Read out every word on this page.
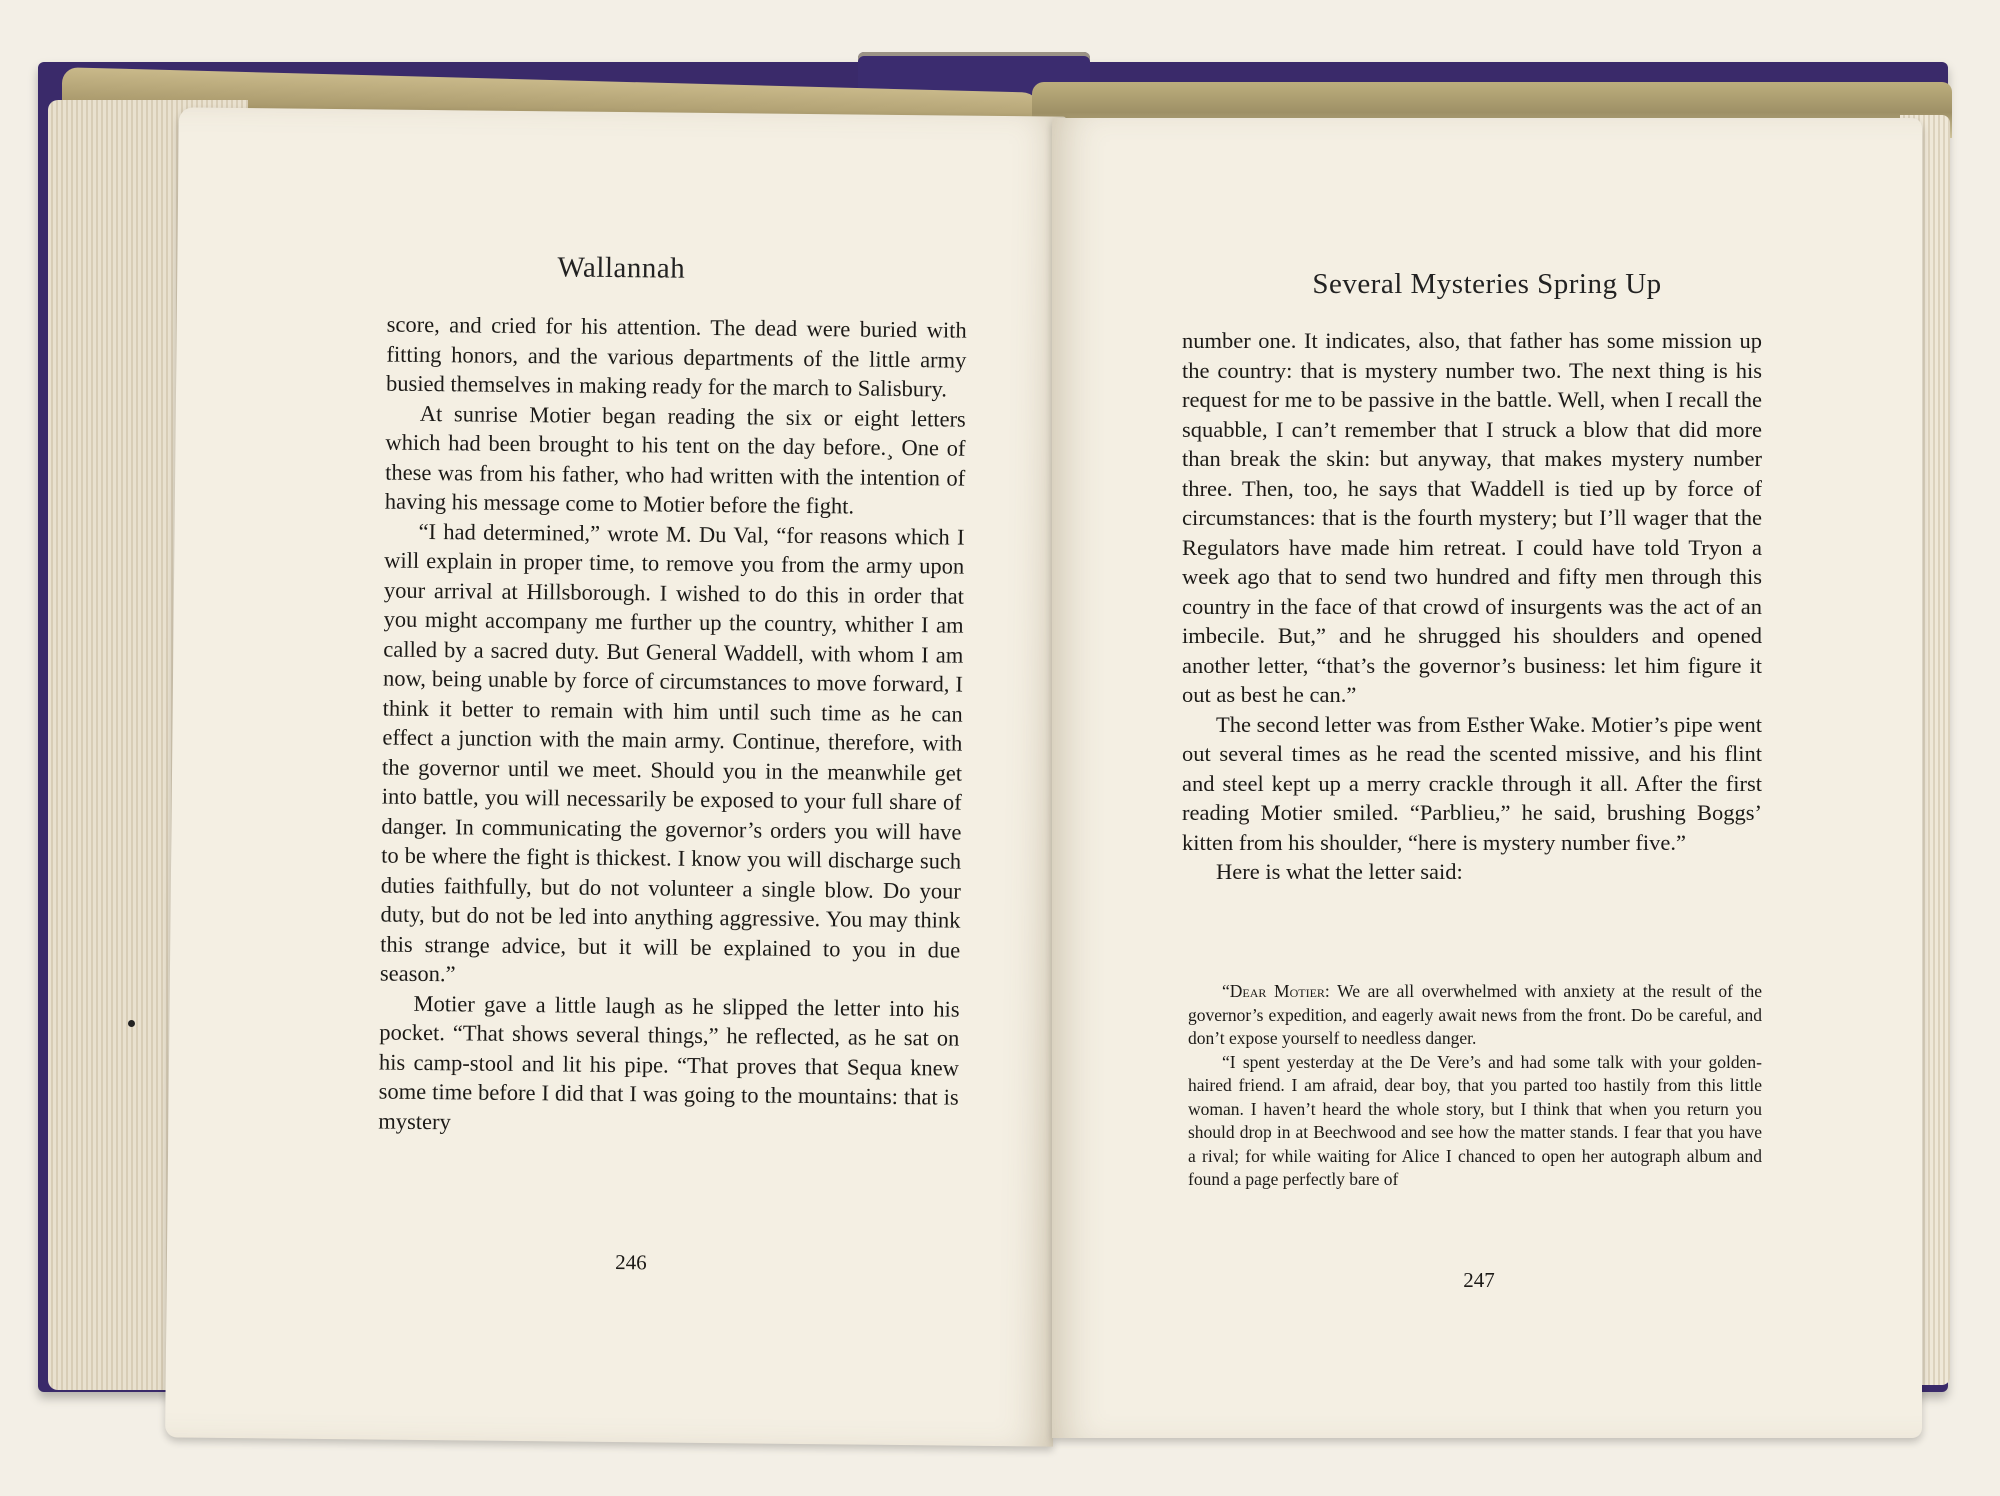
Wallannah

score, and cried for his attention. The dead were buried with fitting honors, and the various departments of the little army busied themselves in making ready for the march to Salisbury.

At sunrise Motier began reading the six or eight letters which had been brought to his tent on the day before.¸ One of these was from his father, who had written with the intention of having his message come to Motier before the fight.

“I had determined,” wrote M. Du Val, “for reasons which I will explain in proper time, to remove you from the army upon your arrival at Hillsborough. I wished to do this in order that you might accompany me further up the country, whither I am called by a sacred duty. But General Waddell, with whom I am now, being unable by force of circumstances to move forward, I think it better to remain with him until such time as he can effect a junction with the main army. Continue, therefore, with the governor until we meet. Should you in the meanwhile get into battle, you will necessarily be exposed to your full share of danger. In communicating the governor’s orders you will have to be where the fight is thickest. I know you will discharge such duties faithfully, but do not volunteer a single blow. Do your duty, but do not be led into anything aggressive. You may think this strange advice, but it will be explained to you in due season.”

Motier gave a little laugh as he slipped the letter into his pocket. “That shows several things,” he reflected, as he sat on his camp-stool and lit his pipe. “That proves that Sequa knew some time before I did that I was going to the mountains: that is mystery

246
Several Mysteries Spring Up

number one. It indicates, also, that father has some mission up the country: that is mystery number two. The next thing is his request for me to be passive in the battle. Well, when I recall the squabble, I can’t remember that I struck a blow that did more than break the skin: but anyway, that makes mystery number three. Then, too, he says that Waddell is tied up by force of circumstances: that is the fourth mystery; but I’ll wager that the Regulators have made him retreat. I could have told Tryon a week ago that to send two hundred and fifty men through this country in the face of that crowd of insurgents was the act of an imbecile. But,” and he shrugged his shoulders and opened another letter, “that’s the governor’s business: let him figure it out as best he can.”

The second letter was from Esther Wake. Motier’s pipe went out several times as he read the scented missive, and his flint and steel kept up a merry crackle through it all. After the first reading Motier smiled. “Parblieu,” he said, brushing Boggs’ kitten from his shoulder, “here is mystery number five.”

Here is what the letter said:

“Dear Motier: We are all overwhelmed with anxiety at the result of the governor’s expedition, and eagerly await news from the front. Do be careful, and don’t expose yourself to needless danger.

“I spent yesterday at the De Vere’s and had some talk with your golden-haired friend. I am afraid, dear boy, that you parted too hastily from this little woman. I haven’t heard the whole story, but I think that when you return you should drop in at Beechwood and see how the matter stands. I fear that you have a rival; for while waiting for Alice I chanced to open her autograph album and found a page perfectly bare of

247
